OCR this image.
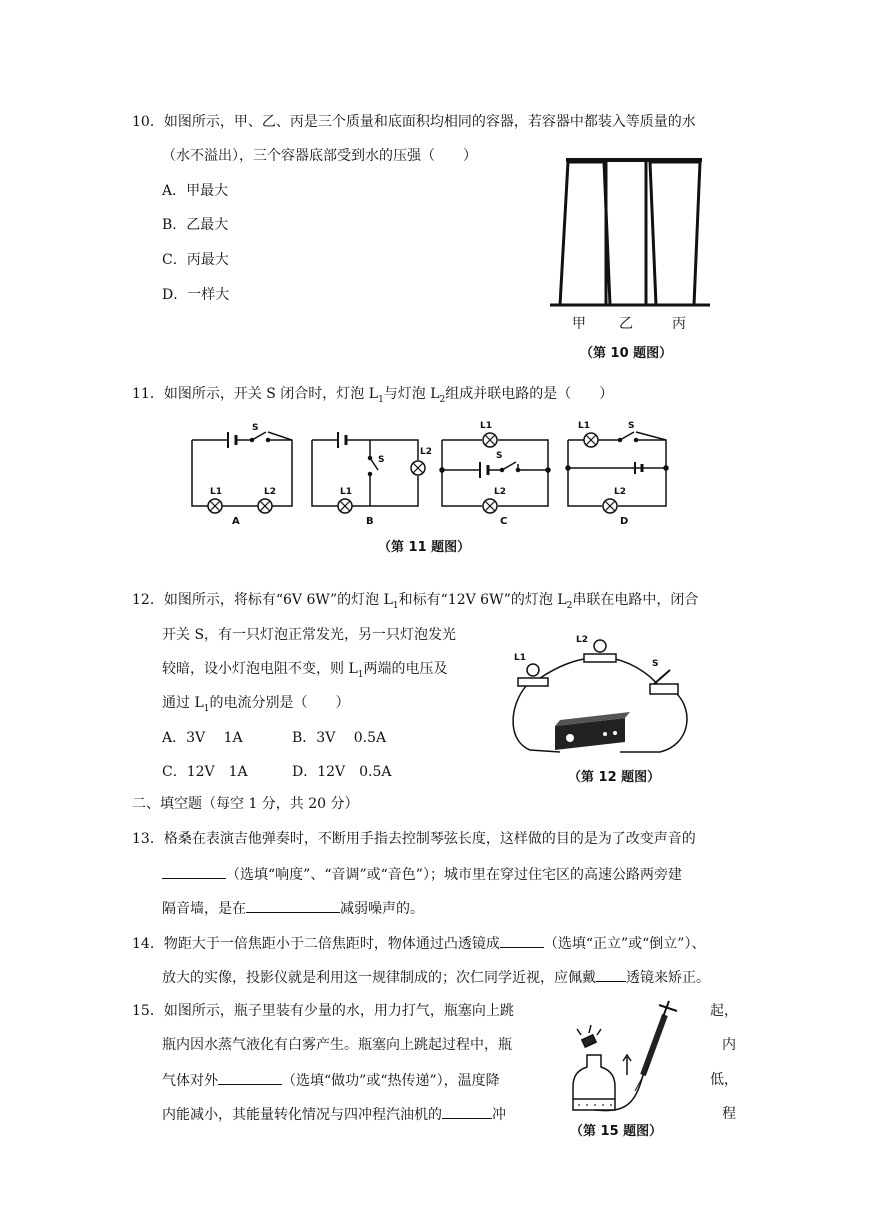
10．如图所示，甲、乙、丙是三个质量和底面积均相同的容器，若容器中都装入等质量的水
（水不溢出），三个容器底部受到水的压强（　　）
A．甲最大
B．乙最大
C．丙最大
D．一样大
甲 乙	丙
（第 10 题图）
11．如图所示，开关 S 闭合时，灯泡 $L_1$与灯泡 $L_2$组成并联电路的是（　　）
S
L1	L2
S
L1
L2
L1
S
L2
L1	S
L2
A	B	C	D
（第 11 题图）
12．如图所示，将标有“6V 6W”的灯泡 $L_1$和标有“12V 6W”的灯泡 $L_2$串联在电路中，闭合
开关 S，有一只灯泡正常发光，另一只灯泡发光
较暗，设小灯泡电阻不变，则 $L_1$两端的电压及
通过 $L_1$的电流分别是（　　）
A．3V　 1A	B．3V　 0.5A
C．12V　1A	D．12V　0.5A
L1
L2
S
（第 12 题图）
二、填空题（每空 1 分，共 20 分）
13．格桑在表演吉他弹奏时，不断用手指去控制琴弦长度，这样做的目的是为了改变声音的
（选填“响度”、“音调”或“音色”）；城市里在穿过住宅区的高速公路两旁建
隔音墙，是在	减弱噪声的。
14．物距大于一倍焦距小于二倍焦距时，物体通过凸透镜成	（选填“正立”或“倒立”）、
放大的实像，投影仪就是利用这一规律制成的；次仁同学近视，应佩戴 透镜来矫正。
15．如图所示，瓶子里装有少量的水，用力打气，瓶塞向上跳	起，
瓶内因水蒸气液化有白雾产生。瓶塞向上跳起过程中，瓶	内
气体对外	（选填“做功”或“热传递”），温度降	低，
内能减小，其能量转化情况与四冲程汽油机的	冲	程
（第 15 题图）
